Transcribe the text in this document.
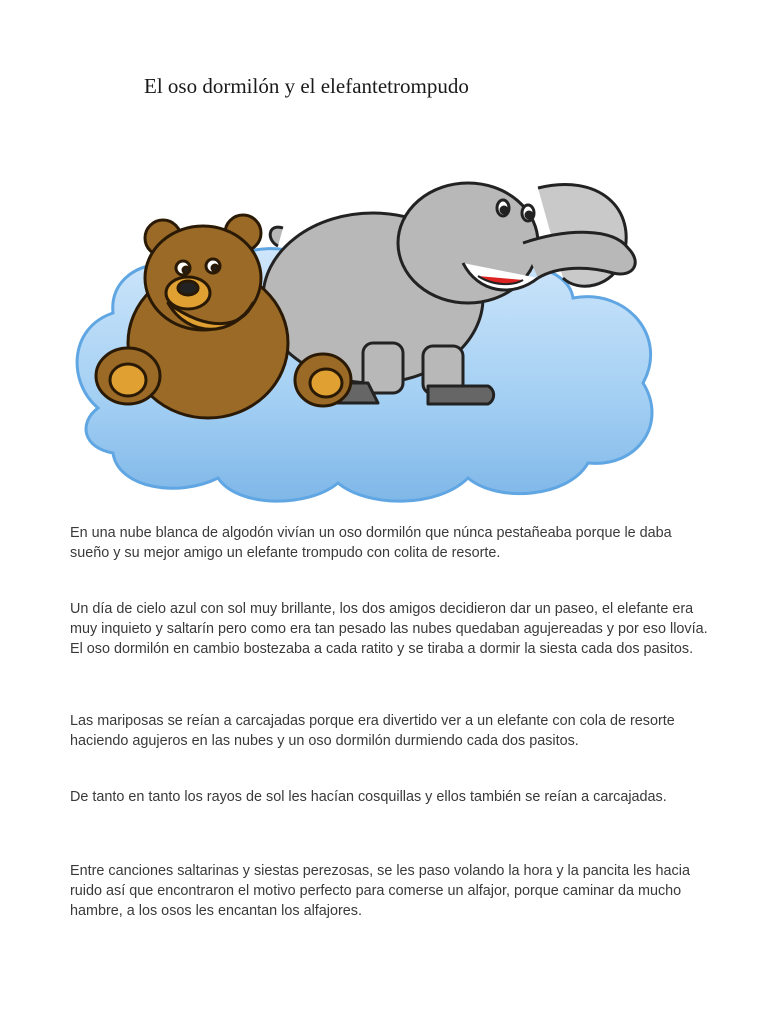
El oso dormilón y el elefantetrompudo

En una nube blanca de algodón vivían un oso dormilón que núnca pestañeaba porque le daba sueño y su mejor amigo un elefante trompudo con colita de resorte.

Un día de cielo azul con sol muy brillante, los dos amigos decidieron dar un paseo, el elefante era muy inquieto y saltarín pero como era tan pesado las nubes quedaban agujereadas y por eso llovía. El oso dormilón en cambio bostezaba a cada ratito y se tiraba a dormir la siesta cada dos pasitos.

Las mariposas se reían a carcajadas porque era divertido ver a un elefante con cola de resorte haciendo agujeros en las nubes y un oso dormilón durmiendo cada dos pasitos.

De tanto en tanto los rayos de sol les hacían cosquillas y ellos también se reían a carcajadas.

Entre canciones saltarinas y siestas perezosas, se les paso volando la hora y la pancita les hacia ruido así que encontraron el motivo perfecto para comerse un alfajor, porque caminar da mucho hambre, a los osos les encantan los alfajores.
